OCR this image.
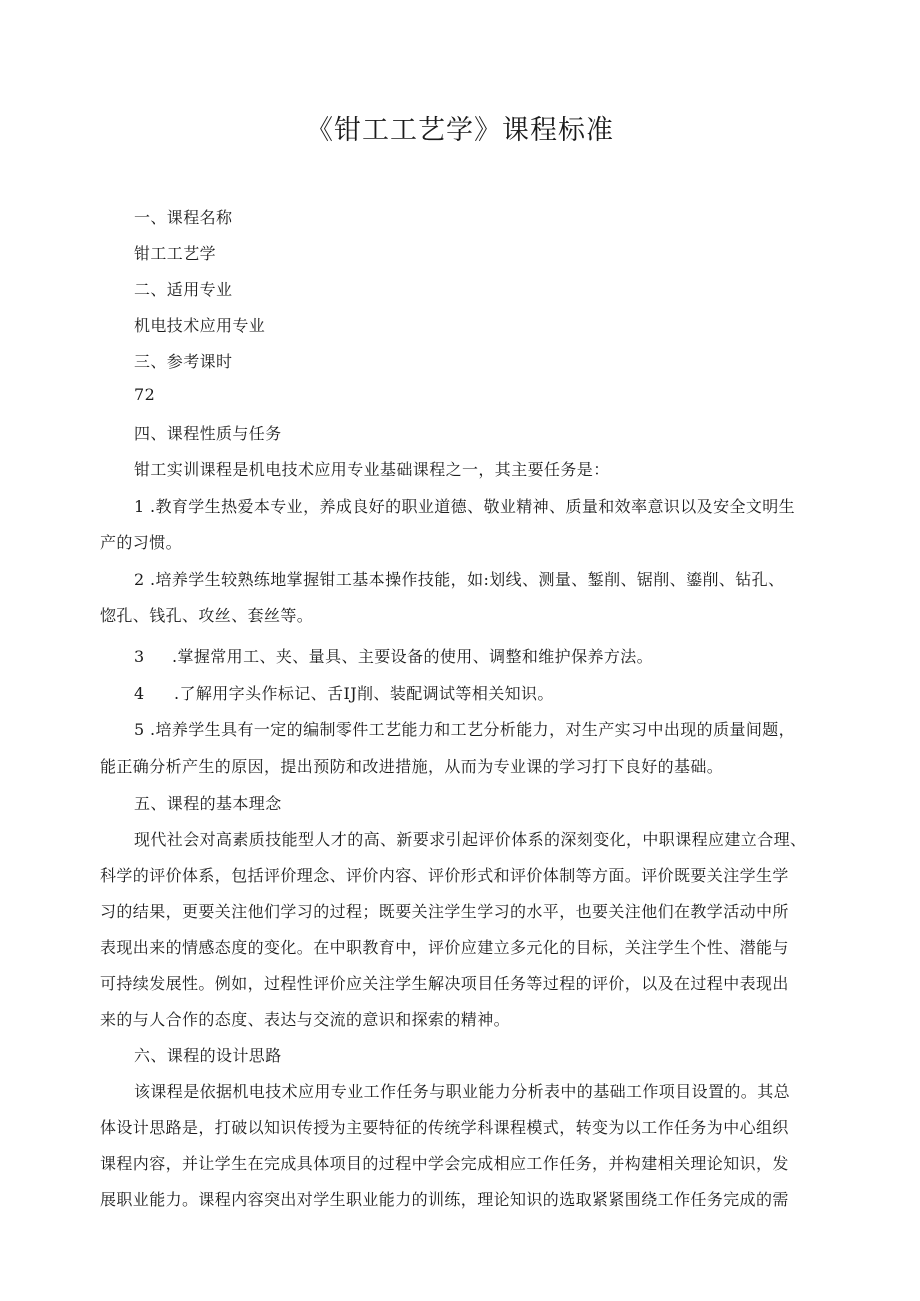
《钳工工艺学》课程标准
一、课程名称
钳工工艺学
二、适用专业
机电技术应用专业
三、参考课时
72
四、课程性质与任务
钳工实训课程是机电技术应用专业基础课程之一，其主要任务是：
1 .教育学生热爱本专业，养成良好的职业道德、敬业精神、质量和效率意识以及安全文明生
产的习惯。
2 .培养学生较熟练地掌握钳工基本操作技能，如:划线、测量、錾削、锯削、鎏削、钻孔、
惚孔、钱孔、攻丝、套丝等。
3 .掌握常用工、夹、量具、主要设备的使用、调整和维护保养方法。
4 .了解用字头作标记、舌IJ削、装配调试等相关知识。
5 .培养学生具有一定的编制零件工艺能力和工艺分析能力，对生产实习中出现的质量间题，
能正确分析产生的原因，提出预防和改进措施，从而为专业课的学习打下良好的基础。
五、课程的基本理念
现代社会对高素质技能型人才的高、新要求引起评价体系的深刻变化，中职课程应建立合理、
科学的评价体系，包括评价理念、评价内容、评价形式和评价体制等方面。评价既要关注学生学
习的结果，更要关注他们学习的过程；既要关注学生学习的水平，也要关注他们在教学活动中所
表现出来的情感态度的变化。在中职教育中，评价应建立多元化的目标，关注学生个性、潜能与
可持续发展性。例如，过程性评价应关注学生解决项目任务等过程的评价，以及在过程中表现出
来的与人合作的态度、表达与交流的意识和探索的精神。
六、课程的设计思路
该课程是依据机电技术应用专业工作任务与职业能力分析表中的基础工作项目设置的。其总
体设计思路是，打破以知识传授为主要特征的传统学科课程模式，转变为以工作任务为中心组织
课程内容，并让学生在完成具体项目的过程中学会完成相应工作任务，并构建相关理论知识，发
展职业能力。课程内容突出对学生职业能力的训练，理论知识的选取紧紧围绕工作任务完成的需
